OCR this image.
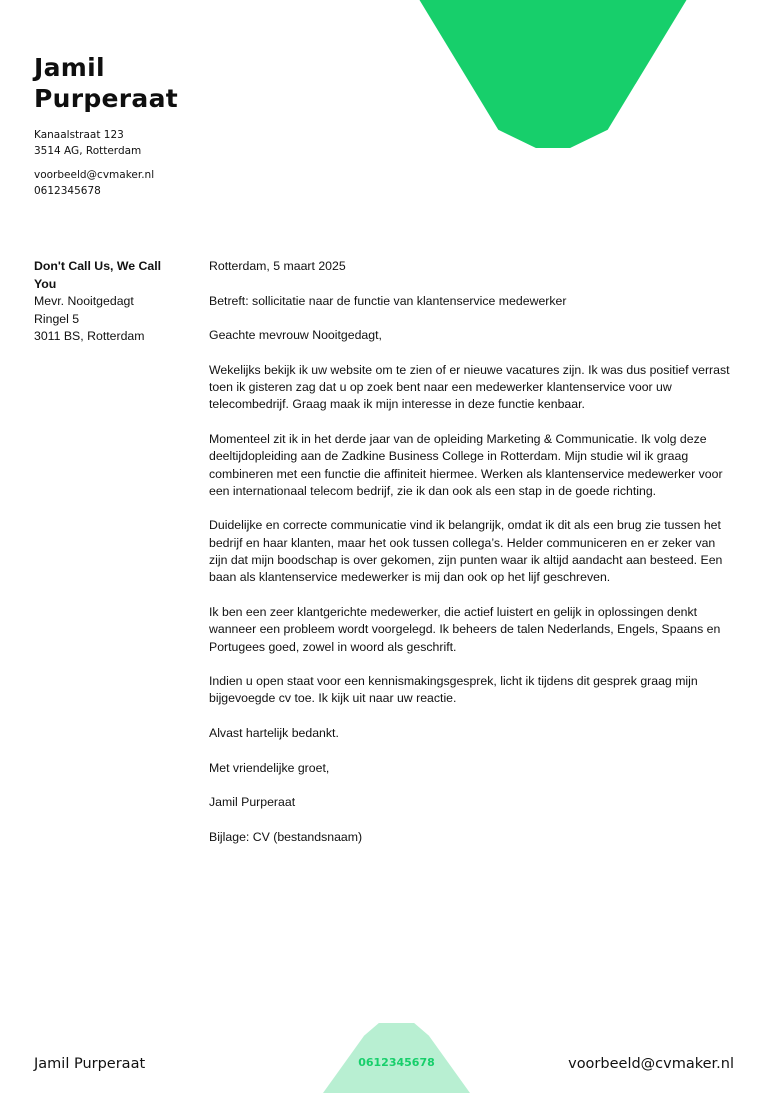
Jamil Purperaat
Kanaalstraat 123
3514 AG, Rotterdam
voorbeeld@cvmaker.nl
0612345678
Don't Call Us, We Call You
Mevr. Nooitgedagt
Ringel 5
3011 BS, Rotterdam

Rotterdam, 5 maart 2025

Betreft: sollicitatie naar de functie van klantenservice medewerker

Geachte mevrouw Nooitgedagt,

Wekelijks bekijk ik uw website om te zien of er nieuwe vacatures zijn. Ik was dus positief verrast toen ik gisteren zag dat u op zoek bent naar een medewerker klantenservice voor uw telecombedrijf. Graag maak ik mijn interesse in deze functie kenbaar.

Momenteel zit ik in het derde jaar van de opleiding Marketing & Communicatie. Ik volg deze deeltijdopleiding aan de Zadkine Business College in Rotterdam. Mijn studie wil ik graag combineren met een functie die affiniteit hiermee. Werken als klantenservice medewerker voor een internationaal telecom bedrijf, zie ik dan ook als een stap in de goede richting.

Duidelijke en correcte communicatie vind ik belangrijk, omdat ik dit als een brug zie tussen het bedrijf en haar klanten, maar het ook tussen collega’s. Helder communiceren en er zeker van zijn dat mijn boodschap is over gekomen, zijn punten waar ik altijd aandacht aan besteed. Een baan als klantenservice medewerker is mij dan ook op het lijf geschreven.

Ik ben een zeer klantgerichte medewerker, die actief luistert en gelijk in oplossingen denkt wanneer een probleem wordt voorgelegd. Ik beheers de talen Nederlands, Engels, Spaans en Portugees goed, zowel in woord als geschrift.

Indien u open staat voor een kennismakingsgesprek, licht ik tijdens dit gesprek graag mijn bijgevoegde cv toe. Ik kijk uit naar uw reactie.

Alvast hartelijk bedankt.

Met vriendelijke groet,

Jamil Purperaat

Bijlage: CV (bestandsnaam)

Jamil Purperaat	0612345678	voorbeeld@cvmaker.nl
